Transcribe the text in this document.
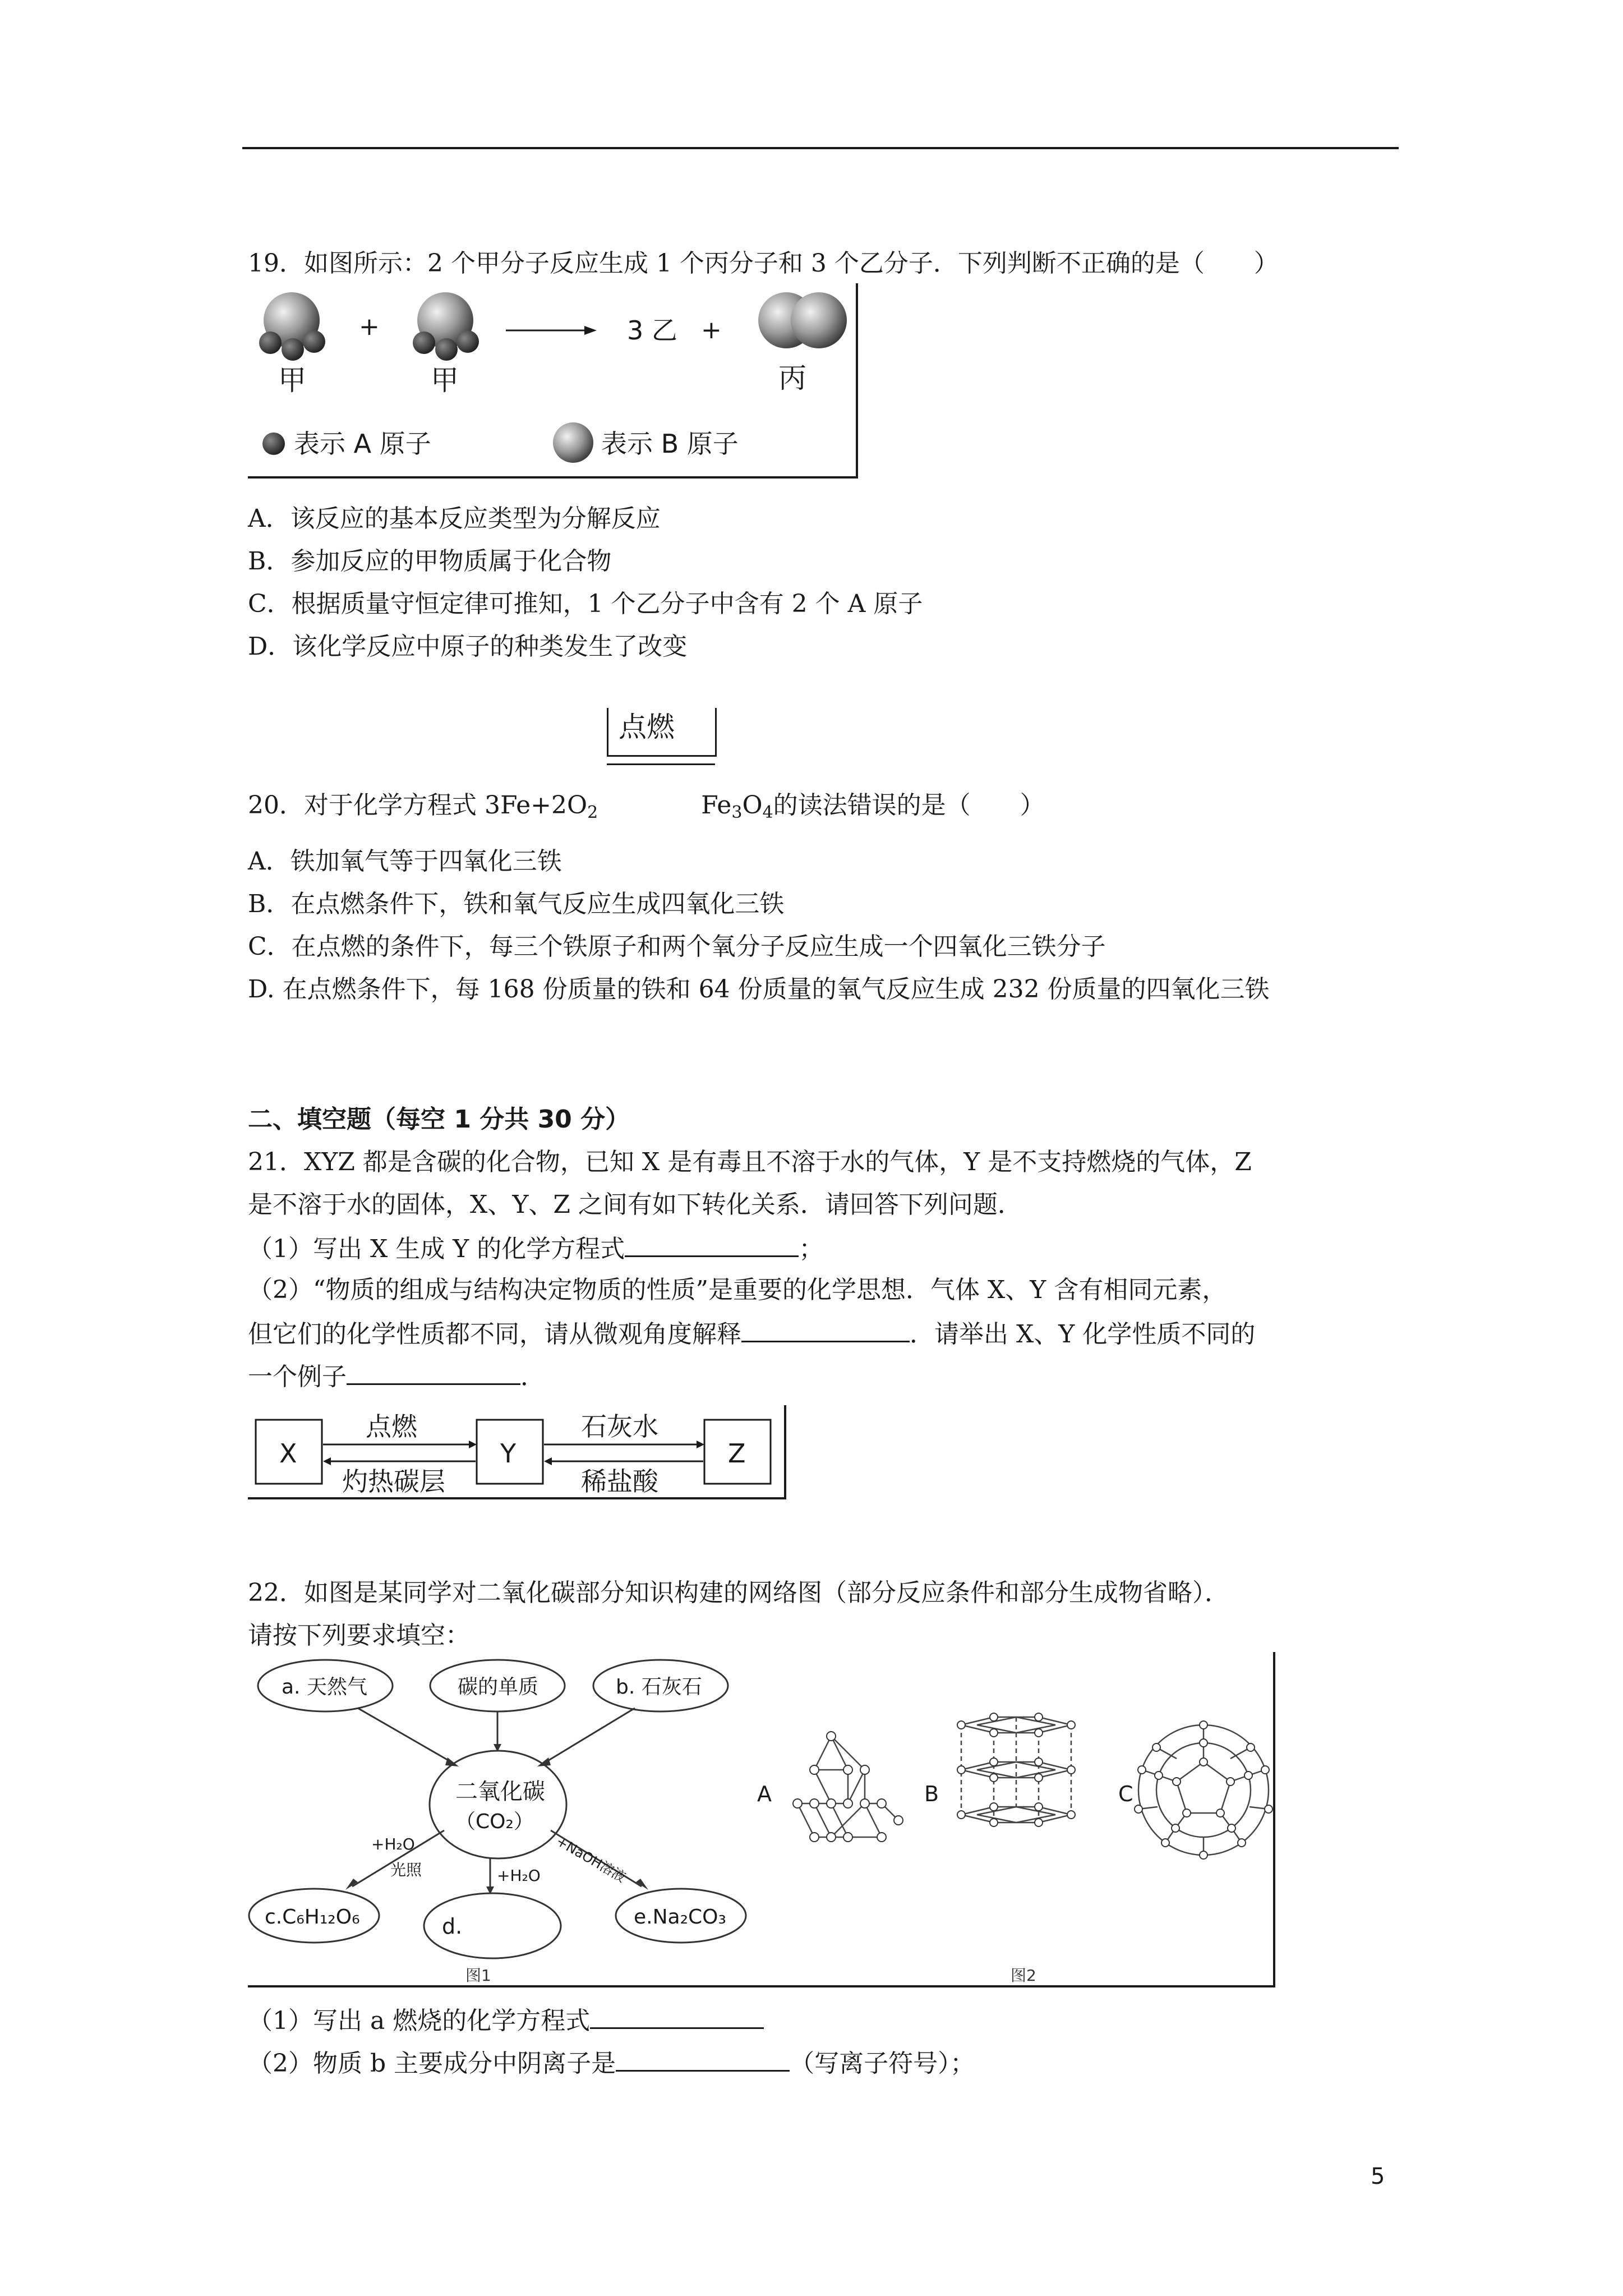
19．如图所示：2 个甲分子反应生成 1 个丙分子和 3 个乙分子．下列判断不正确的是（　　）
+	3 乙 +
甲	甲	丙
表示 A 原子	表示 B 原子
A．该反应的基本反应类型为分解反应
B．参加反应的甲物质属于化合物
C．根据质量守恒定律可推知，1 个乙分子中含有 2 个 A 原子
D．该化学反应中原子的种类发生了改变
点燃
20．对于化学方程式 $3Fe+2O_2$	$Fe_3O_4$的读法错误的是（　　）
A．铁加氧气等于四氧化三铁
B．在点燃条件下，铁和氧气反应生成四氧化三铁
C．在点燃的条件下，每三个铁原子和两个氧分子反应生成一个四氧化三铁分子
D. 在点燃条件下，每 168 份质量的铁和 64 份质量的氧气反应生成 232 份质量的四氧化三铁
二、填空题（每空 1 分共 30 分）
21．XYZ 都是含碳的化合物，已知 X 是有毒且不溶于水的气体，Y 是不支持燃烧的气体，Z
是不溶于水的固体，X、Y、Z 之间有如下转化关系．请回答下列问题．
（1）写出 X 生成 Y 的化学方程式	；
（2）“物质的组成与结构决定物质的性质”是重要的化学思想．气体 X、Y 含有相同元素，
但它们的化学性质都不同，请从微观角度解释	．请举出 X、Y 化学性质不同的
一个例子	．
X	Y	Z
点燃
灼热碳层
石灰水
稀盐酸
22．如图是某同学对二氧化碳部分知识构建的网络图（部分反应条件和部分生成物省略）．
请按下列要求填空：
a. 天然气	碳的单质	b. 石灰石
二氧化碳
（CO₂）
c.C₆H₁₂O₆	d.	e.Na₂CO₃
+H₂O
光照	+H₂O +NaOH溶液
图1
A	B	C
图2
（1）写出 a 燃烧的化学方程式
（2）物质 b 主要成分中阴离子是	（写离子符号）；
5
